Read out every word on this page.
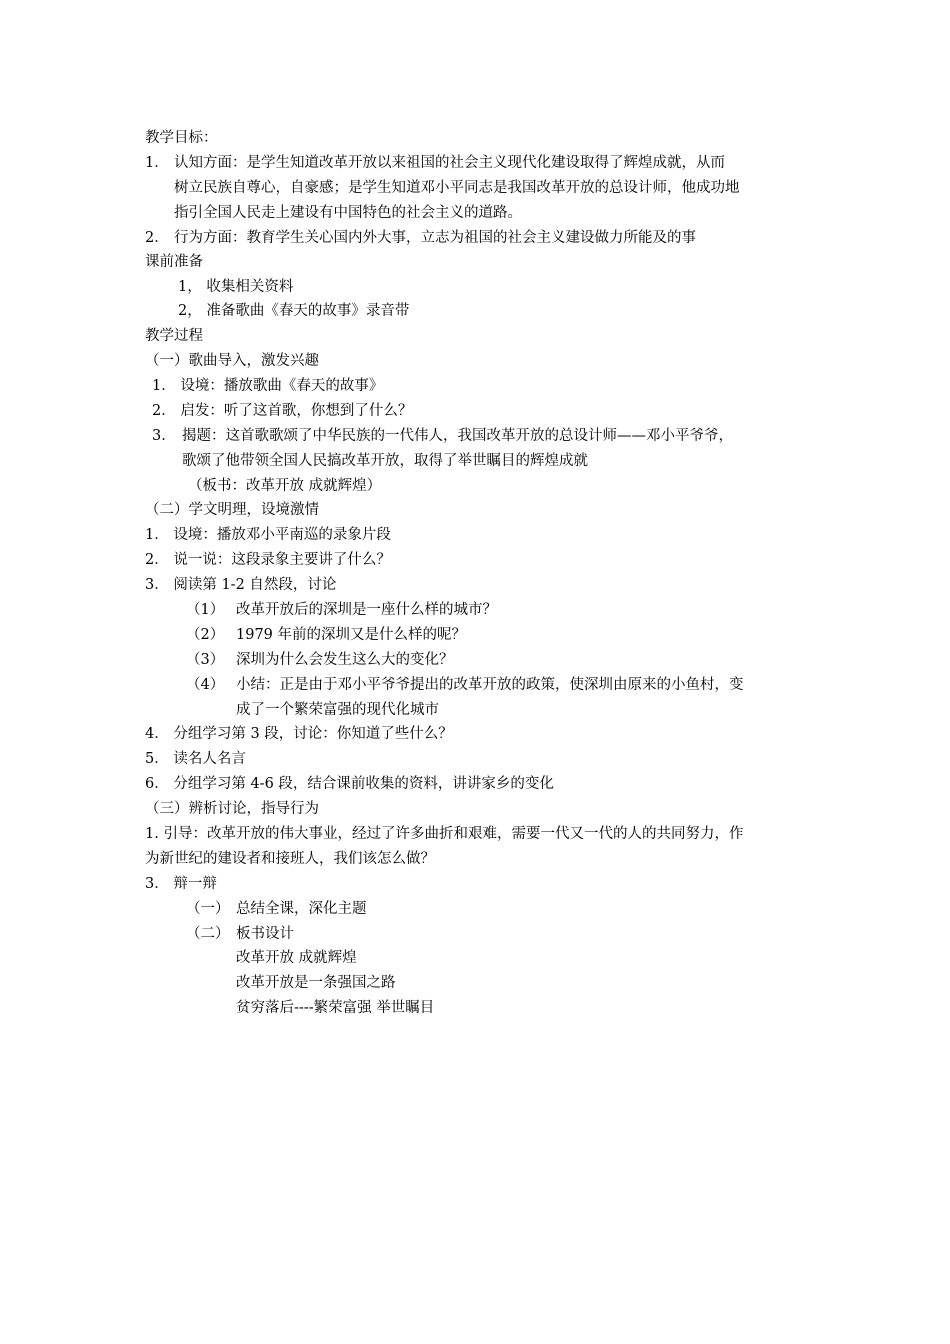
教学目标：
1． 认知方面：是学生知道改革开放以来祖国的社会主义现代化建设取得了辉煌成就，从而
树立民族自尊心，自豪感；是学生知道邓小平同志是我国改革开放的总设计师，他成功地
指引全国人民走上建设有中国特色的社会主义的道路。
2． 行为方面：教育学生关心国内外大事，立志为祖国的社会主义建设做力所能及的事
课前准备
1， 收集相关资料
2， 准备歌曲《春天的故事》录音带
教学过程
（一）歌曲导入，激发兴趣
1． 设境：播放歌曲《春天的故事》
2． 启发：听了这首歌，你想到了什么？
3． 揭题：这首歌歌颂了中华民族的一代伟人，我国改革开放的总设计师——邓小平爷爷，
歌颂了他带领全国人民搞改革开放，取得了举世瞩目的辉煌成就
（板书：改革开放 成就辉煌）
（二）学文明理，设境激情
1． 设境：播放邓小平南巡的录象片段
2． 说一说：这段录象主要讲了什么？
3． 阅读第 1-2 自然段，讨论
（1） 改革开放后的深圳是一座什么样的城市？
（2） 1979 年前的深圳又是什么样的呢？
（3） 深圳为什么会发生这么大的变化？
（4） 小结：正是由于邓小平爷爷提出的改革开放的政策，使深圳由原来的小鱼村，变
成了一个繁荣富强的现代化城市
4． 分组学习第 3 段，讨论：你知道了些什么？
5． 读名人名言
6． 分组学习第 4-6 段，结合课前收集的资料，讲讲家乡的变化
（三）辨析讨论，指导行为
1. 引导：改革开放的伟大事业，经过了许多曲折和艰难，需要一代又一代的人的共同努力，作
为新世纪的建设者和接班人，我们该怎么做？
3． 辩一辩
（一） 总结全课，深化主题
（二） 板书设计
改革开放 成就辉煌
改革开放是一条强国之路
贫穷落后----繁荣富强 举世瞩目
